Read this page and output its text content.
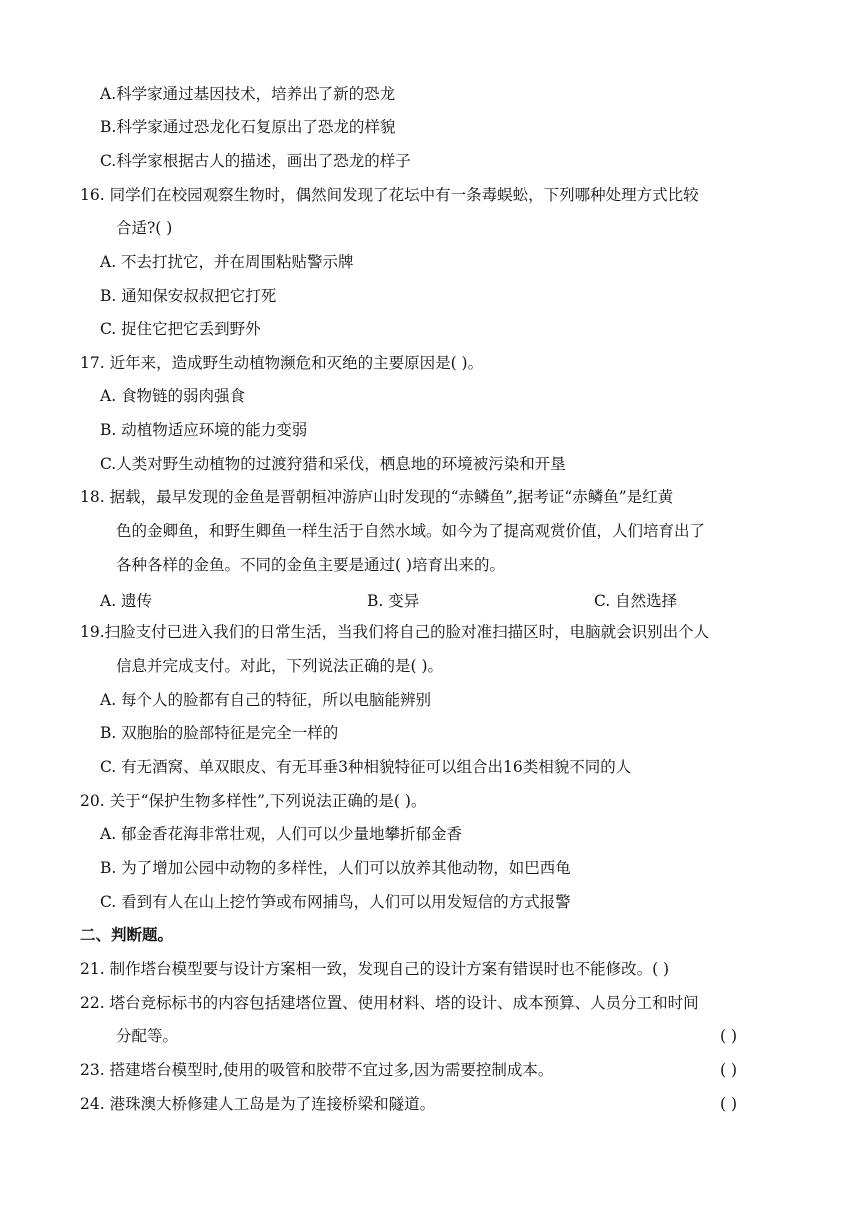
A.科学家通过基因技术，培养出了新的恐龙
B.科学家通过恐龙化石复原出了恐龙的样貌
C.科学家根据古人的描述，画出了恐龙的样子
16. 同学们在校园观察生物时，偶然间发现了花坛中有一条毒蜈蚣，下列哪种处理方式比较
合适?( )
A. 不去打扰它，并在周围粘贴警示牌
B. 通知保安叔叔把它打死
C. 捉住它把它丢到野外
17. 近年来，造成野生动植物濒危和灭绝的主要原因是( )。
A. 食物链的弱肉强食
B. 动植物适应环境的能力变弱
C.人类对野生动植物的过渡狩猎和采伐，栖息地的环境被污染和开垦
18. 据载，最早发现的金鱼是晋朝桓冲游庐山时发现的“赤鳞鱼”,据考证“赤鳞鱼”是红黄
色的金卿鱼，和野生卿鱼一样生活于自然水域。如今为了提高观赏价值，人们培育出了
各种各样的金鱼。不同的金鱼主要是通过( )培育出来的。
A. 遗传	B. 变异	C. 自然选择
19.扫脸支付已进入我们的日常生活，当我们将自己的脸对准扫描区时，电脑就会识别出个人
信息并完成支付。对此，下列说法正确的是( )。
A. 每个人的脸都有自己的特征，所以电脑能辨别
B. 双胞胎的脸部特征是完全一样的
C. 有无酒窝、单双眼皮、有无耳垂3种相貌特征可以组合出16类相貌不同的人
20. 关于“保护生物多样性”,下列说法正确的是( )。
A. 郁金香花海非常壮观，人们可以少量地攀折郁金香
B. 为了增加公园中动物的多样性，人们可以放养其他动物，如巴西龟
C. 看到有人在山上挖竹笋或布网捕鸟，人们可以用发短信的方式报警
二、判断题。
21. 制作塔台模型要与设计方案相一致，发现自己的设计方案有错误时也不能修改。( )
22. 塔台竞标标书的内容包括建塔位置、使用材料、塔的设计、成本预算、人员分工和时间
分配等。	( )
23. 搭建塔台模型时,使用的吸管和胶带不宜过多,因为需要控制成本。	( )
24. 港珠澳大桥修建人工岛是为了连接桥梁和隧道。	( )
